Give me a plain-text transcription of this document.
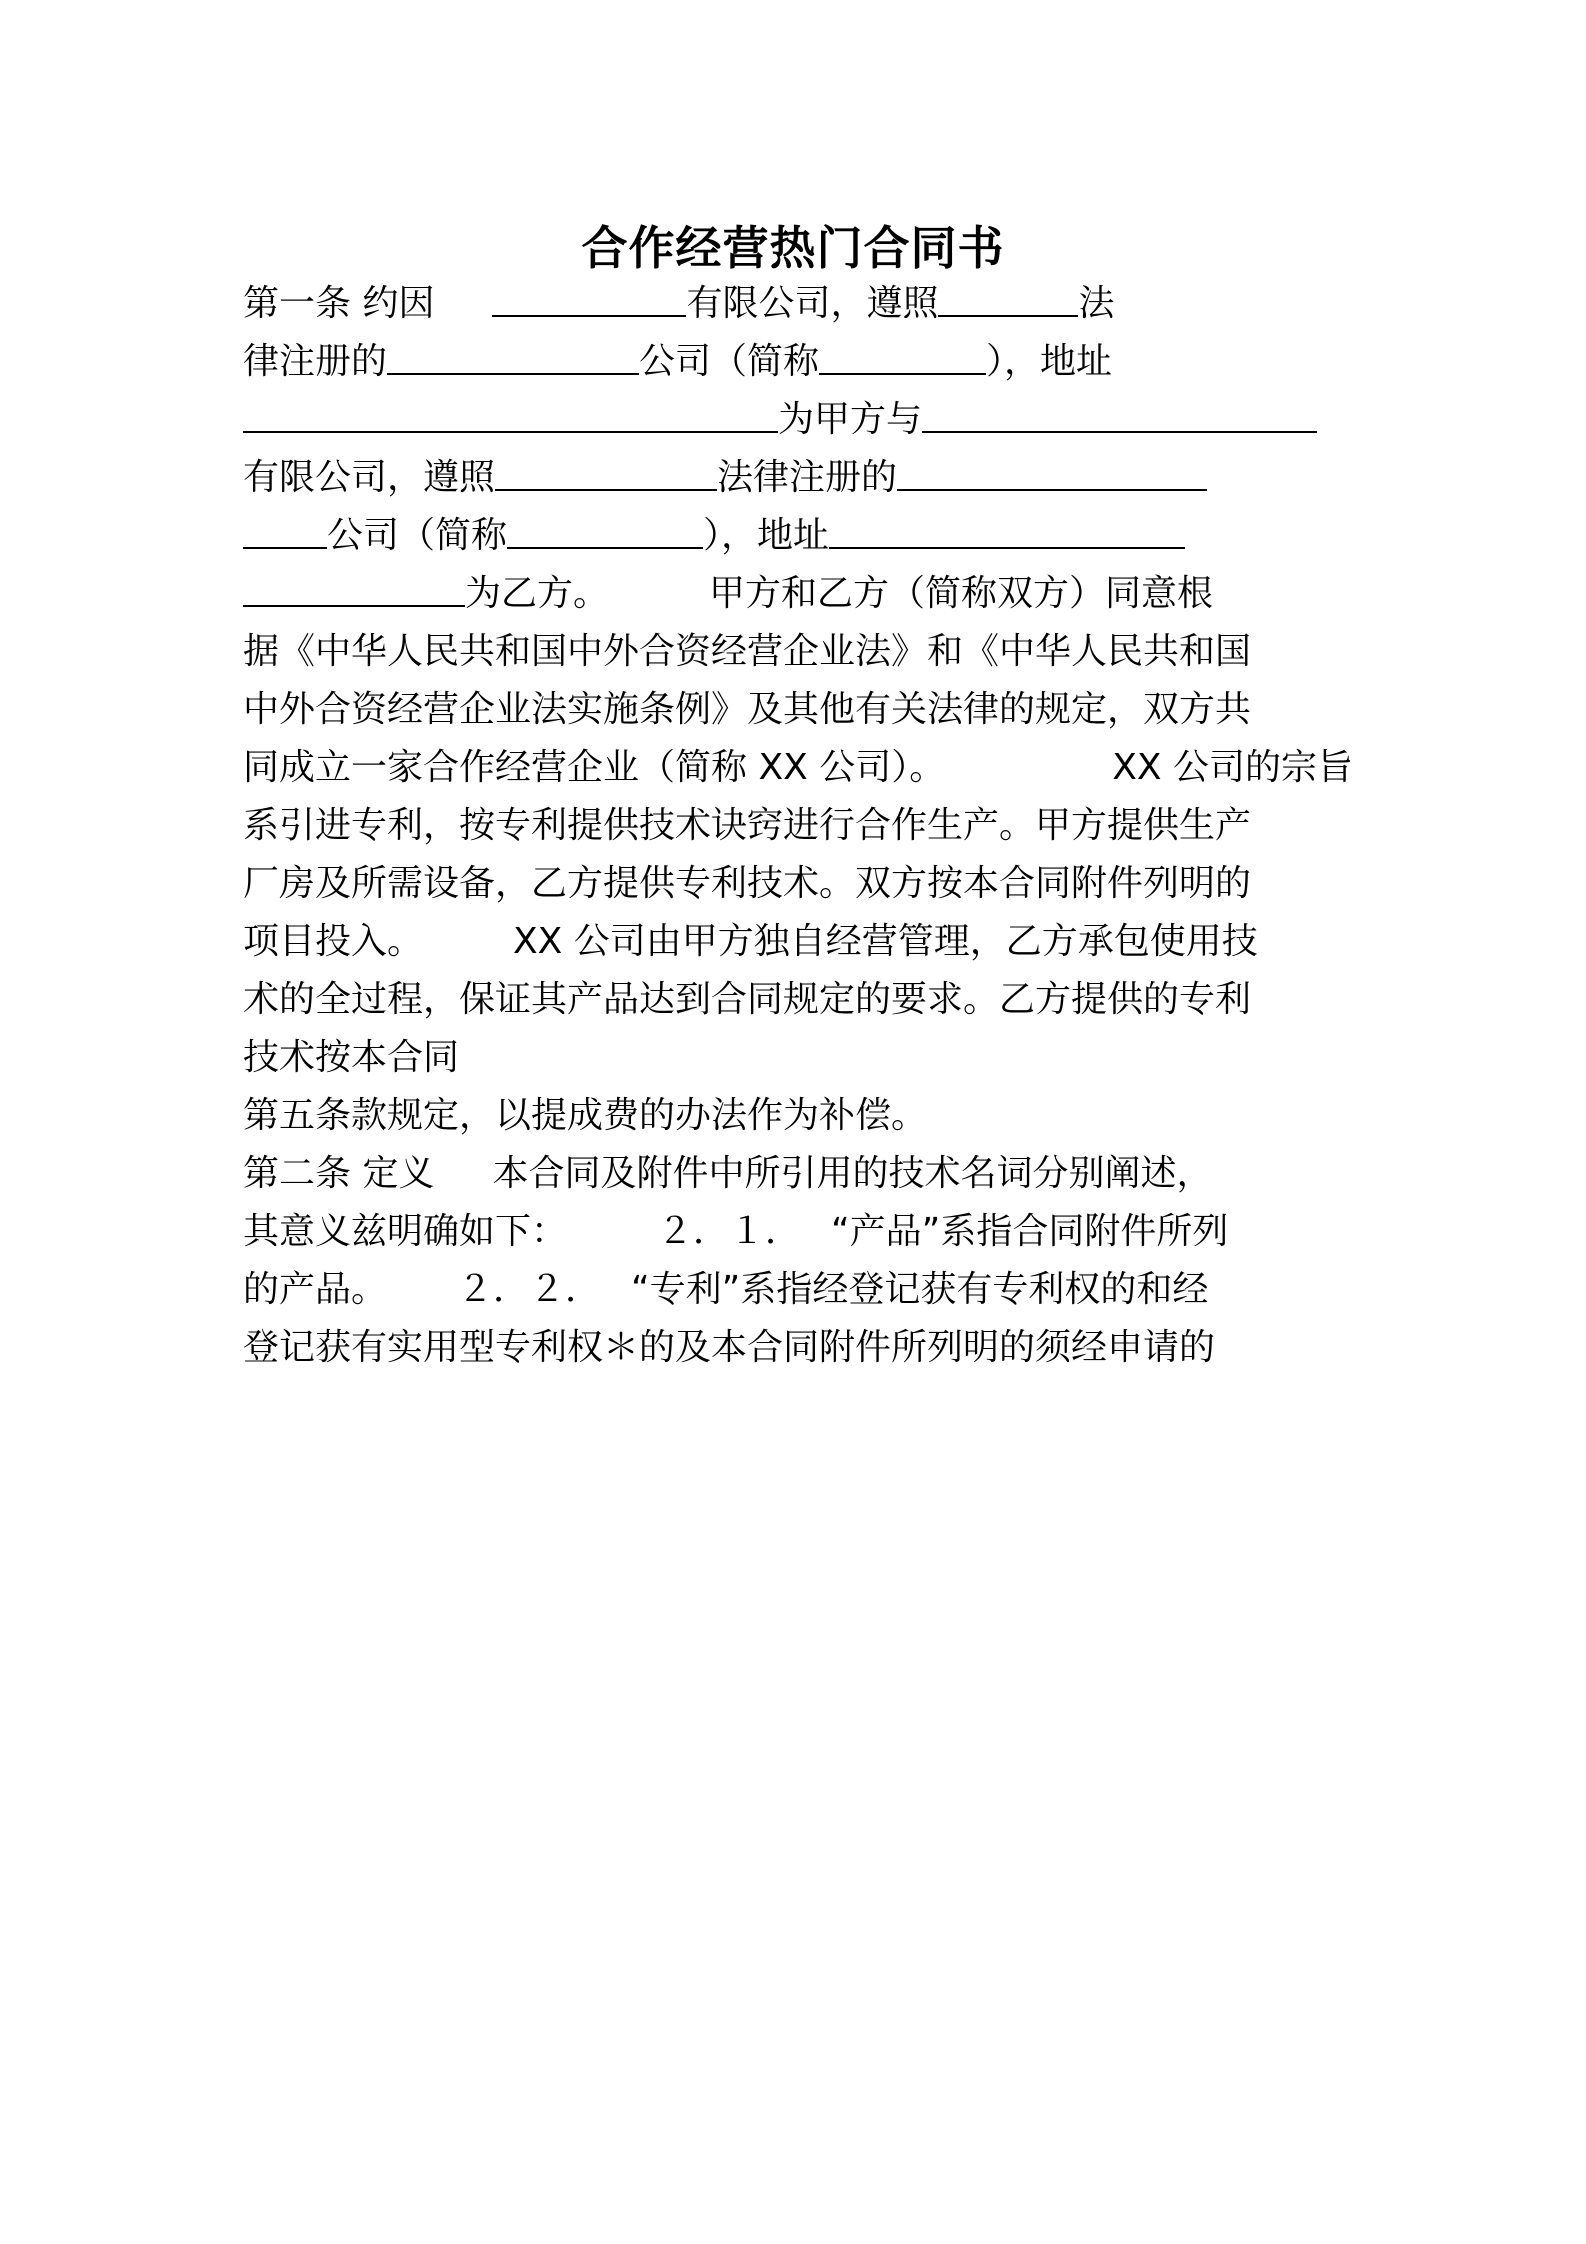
合作经营热门合同书
第一条 约因	有限公司，遵照	法
律注册的	公司（简称	），地址
为甲方与
有限公司，遵照	法律注册的
公司（简称	），地址
为乙方。	甲方和乙方（简称双方）同意根
据《中华人民共和国中外合资经营企业法》和《中华人民共和国
中外合资经营企业法实施条例》及其他有关法律的规定，双方共
同成立一家合作经营企业（简称 XX 公司）。	XX 公司的宗旨
系引进专利，按专利提供技术诀窍进行合作生产。甲方提供生产
厂房及所需设备，乙方提供专利技术。双方按本合同附件列明的
项目投入。	XX 公司由甲方独自经营管理，乙方承包使用技
术的全过程，保证其产品达到合同规定的要求。乙方提供的专利
技术按本合同
第五条款规定，以提成费的办法作为补偿。
第二条 定义 本合同及附件中所引用的技术名词分别阐述，
其意义兹明确如下：	２．１． “产品”系指合同附件所列
的产品。 ２．２． “专利”系指经登记获有专利权的和经
登记获有实用型专利权＊的及本合同附件所列明的须经申请的
